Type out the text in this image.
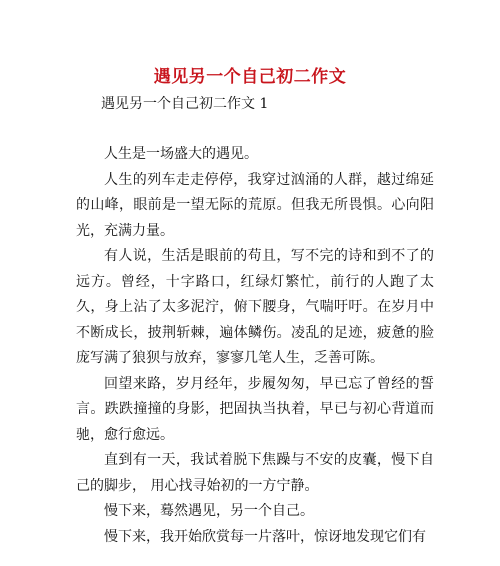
遇见另一个自己初二作文
遇见另一个自己初二作文 1

人生是一场盛大的遇见。

人生的列车走走停停，我穿过汹涌的人群，越过绵延的山峰，眼前是一望无际的荒原。但我无所畏惧。心向阳光，充满力量。

有人说，生活是眼前的苟且，写不完的诗和到不了的远方。曾经，十字路口，红绿灯繁忙，前行的人跑了太久，身上沾了太多泥泞，俯下腰身，气喘吁吁。在岁月中不断成长，披荆斩棘，遍体鳞伤。凌乱的足迹，疲惫的脸庞写满了狼狈与放弃，寥寥几笔人生，乏善可陈。

回望来路，岁月经年，步履匆匆，早已忘了曾经的誓言。跌跌撞撞的身影，把固执当执着，早已与初心背道而驰，愈行愈远。

直到有一天，我试着脱下焦躁与不安的皮囊，慢下自己的脚步， 用心找寻始初的一方宁静。

慢下来，蓦然遇见，另一个自己。

慢下来，我开始欣赏每一片落叶，惊讶地发现它们有
